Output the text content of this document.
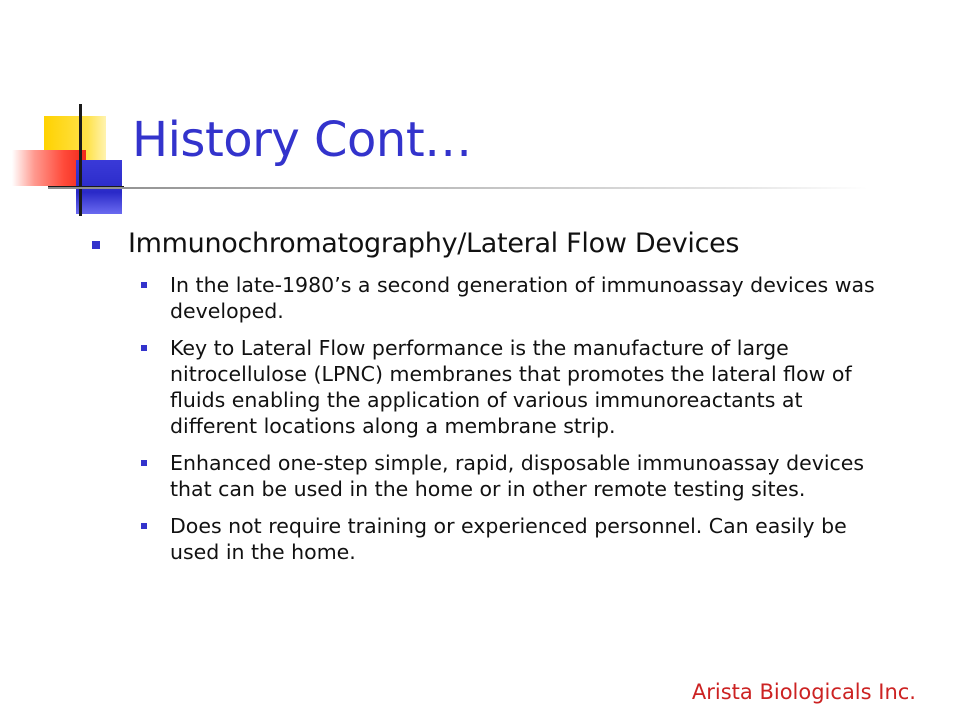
History Cont…
Immunochromatography/Lateral Flow Devices
In the late-1980’s a second generation of immunoassay devices was developed.
Key to Lateral Flow performance is the manufacture of large nitrocellulose (LPNC) membranes that promotes the lateral flow of fluids enabling the application of various immunoreactants at different locations along a membrane strip.
Enhanced one-step simple, rapid, disposable immunoassay devices that can be used in the home or in other remote testing sites.
Does not require training or experienced personnel. Can easily be used in the home.
Arista Biologicals Inc.
